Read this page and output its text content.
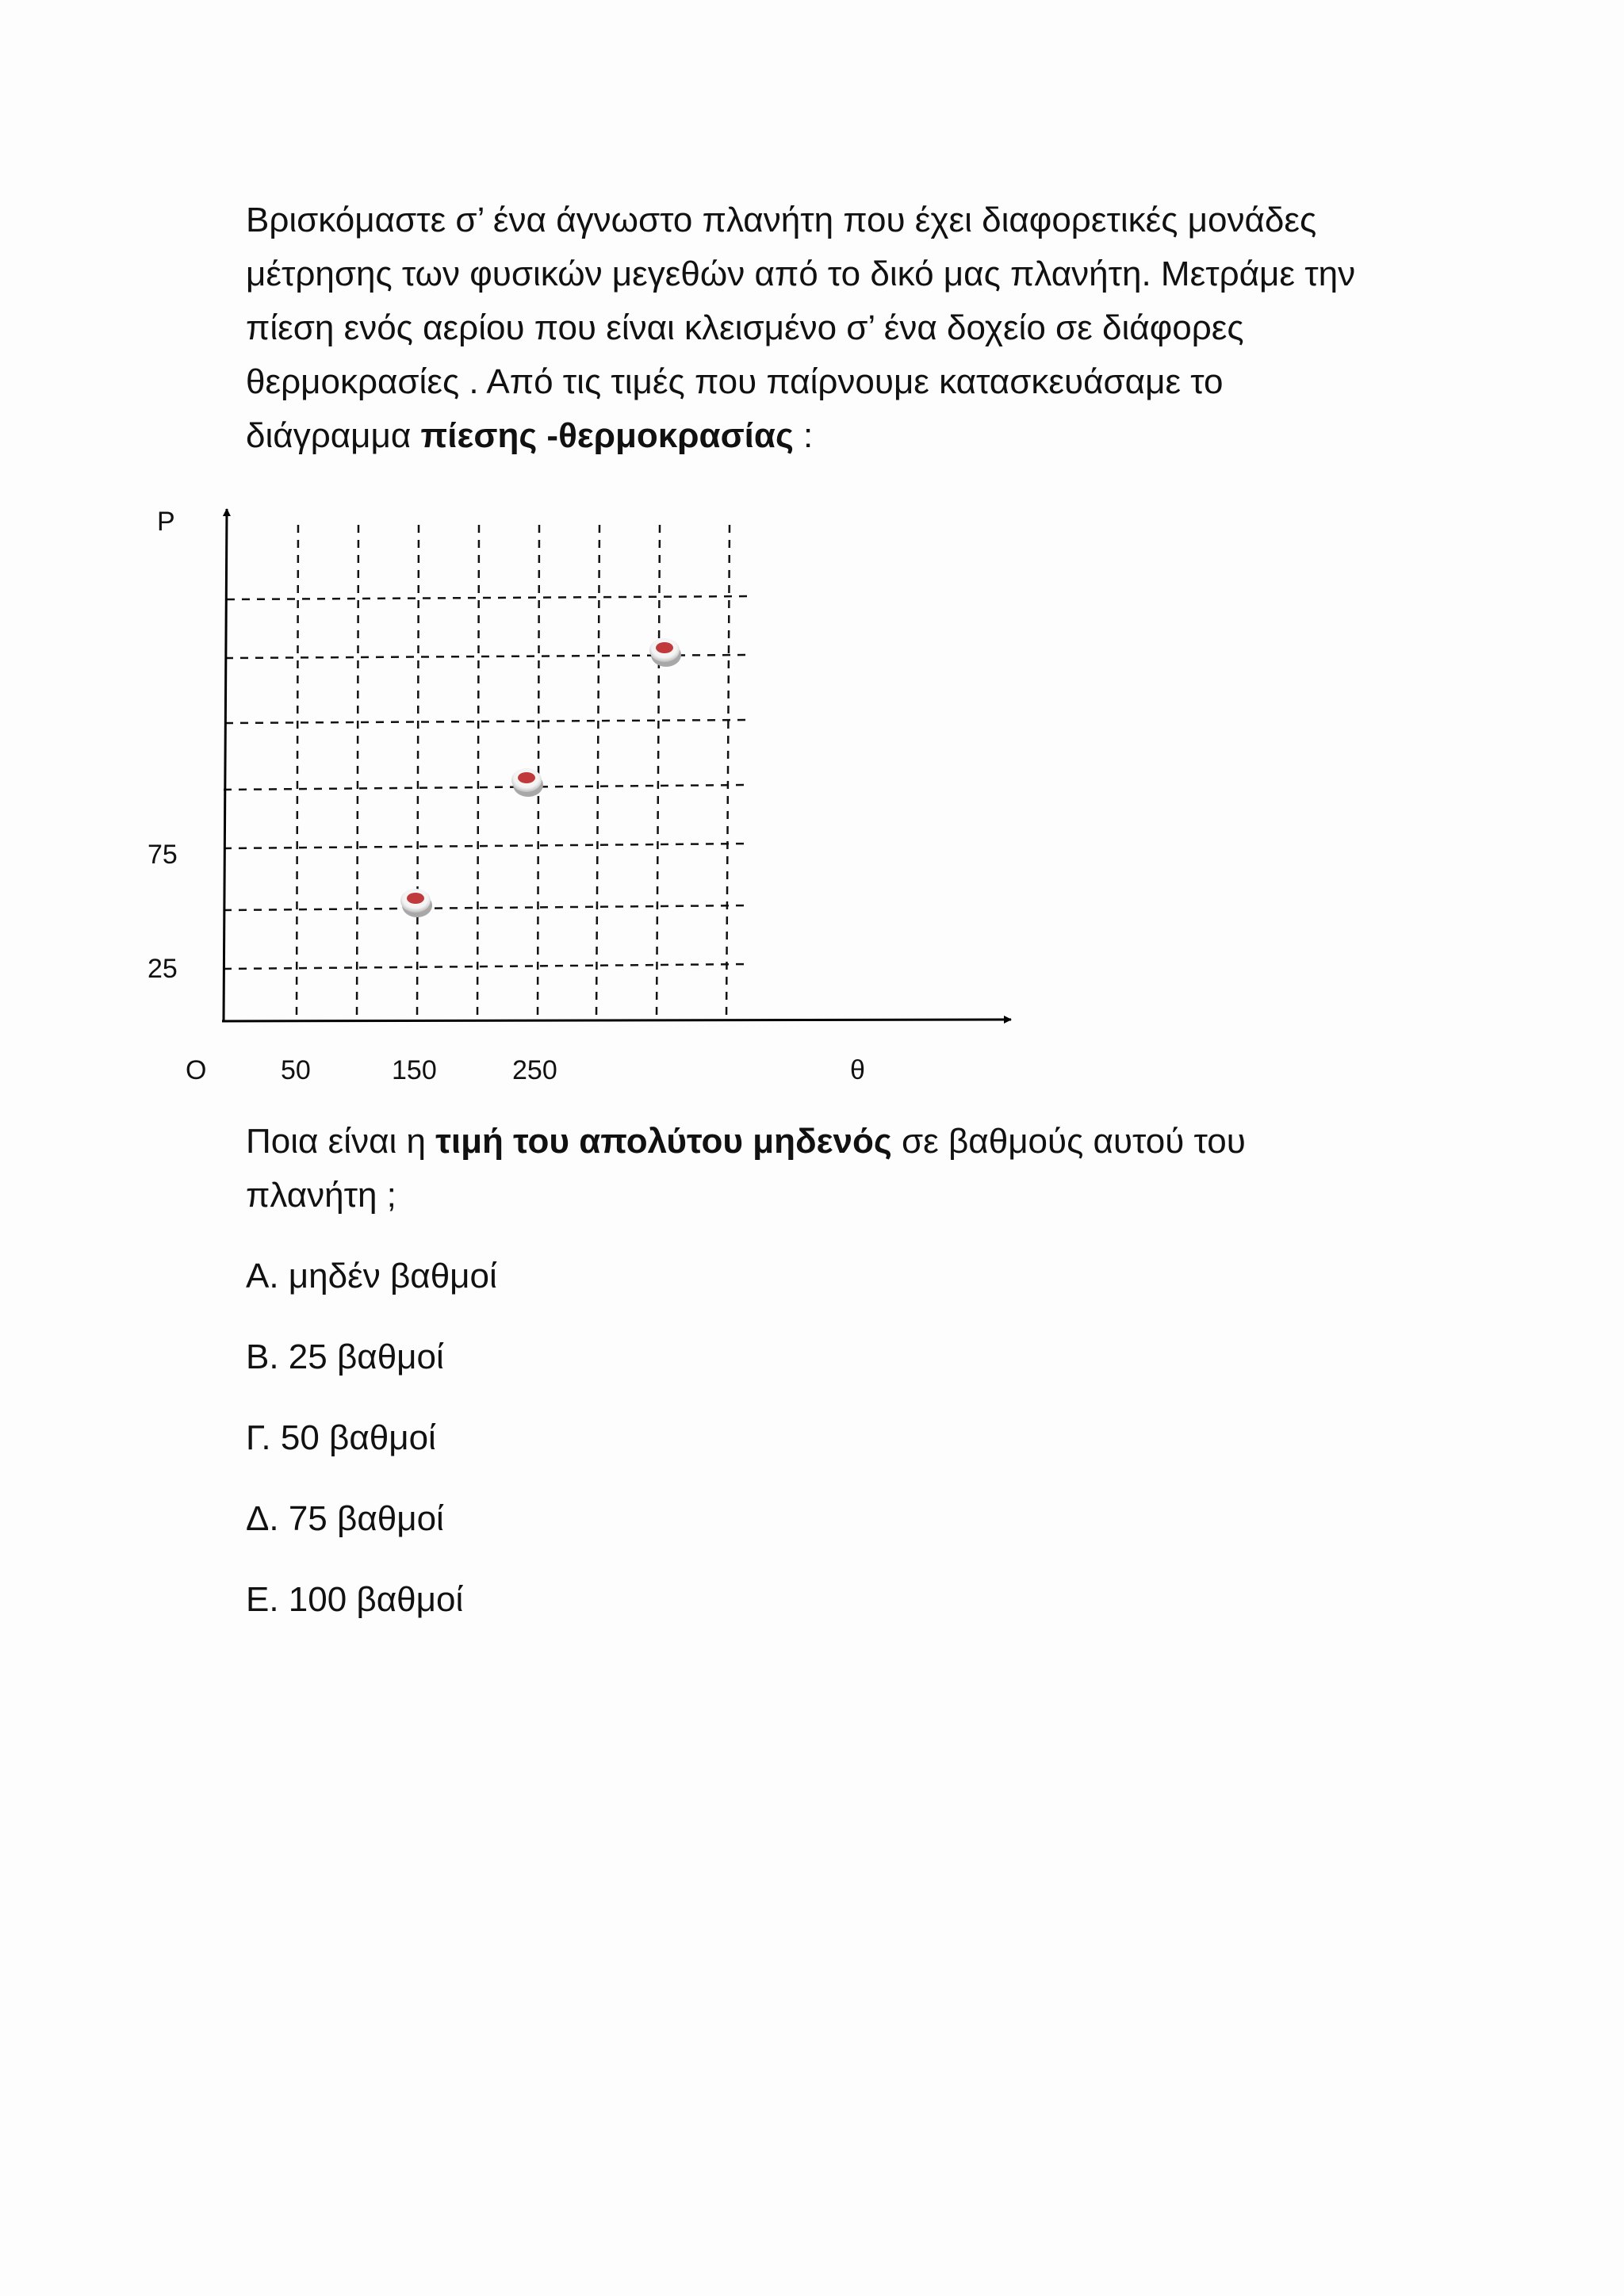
Βρισκόμαστε σ’ ένα άγνωστο πλανήτη που έχει διαφορετικές μονάδες
μέτρησης των φυσικών μεγεθών από το δικό μας πλανήτη. Μετράμε την
πίεση ενός αερίου που είναι κλεισμένο σ’ ένα δοχείο σε διάφορες
θερμοκρασίες . Από τις τιμές που παίρνουμε κατασκευάσαμε το
διάγραμμα πίεσης -θερμοκρασίας :
P
75
25
O	50	150	250	θ
Ποια είναι η τιμή του απολύτου μηδενός σε βαθμούς αυτού του
πλανήτη ;
Α. μηδέν βαθμοί
Β. 25 βαθμοί
Γ. 50 βαθμοί
Δ. 75 βαθμοί
Ε. 100 βαθμοί
